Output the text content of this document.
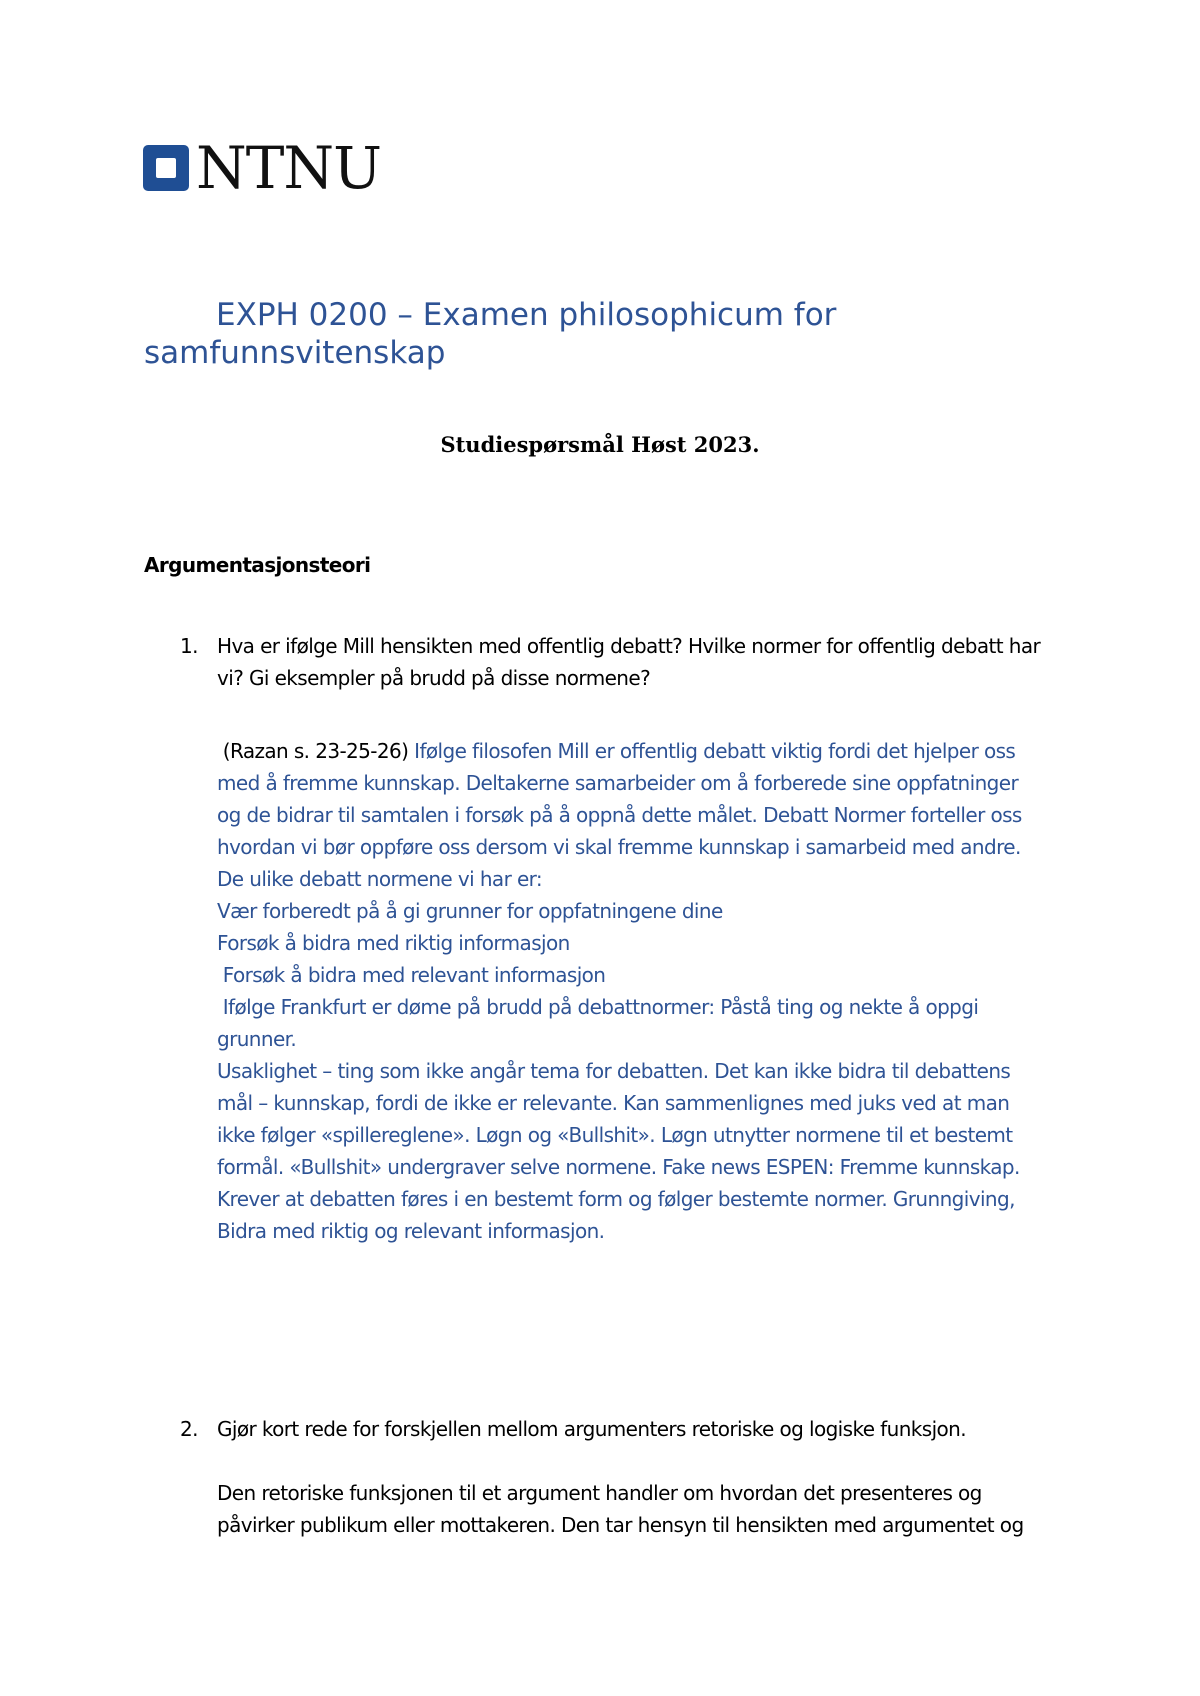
NTNU
EXPH 0200 – Examen philosophicum for samfunnsvitenskap
Studiespørsmål Høst 2023.
Argumentasjonsteori
1. Hva er ifølge Mill hensikten med offentlig debatt? Hvilke normer for offentlig debatt har vi? Gi eksempler på brudd på disse normene?
(Razan s. 23-25-26) Ifølge filosofen Mill er offentlig debatt viktig fordi det hjelper oss
med å fremme kunnskap. Deltakerne samarbeider om å forberede sine oppfatninger
og de bidrar til samtalen i forsøk på å oppnå dette målet. Debatt Normer forteller oss
hvordan vi bør oppføre oss dersom vi skal fremme kunnskap i samarbeid med andre.
De ulike debatt normene vi har er:
Vær forberedt på å gi grunner for oppfatningene dine
Forsøk å bidra med riktig informasjon
Forsøk å bidra med relevant informasjon
Ifølge Frankfurt er døme på brudd på debattnormer: Påstå ting og nekte å oppgi
grunner.
Usaklighet – ting som ikke angår tema for debatten. Det kan ikke bidra til debattens
mål – kunnskap, fordi de ikke er relevante. Kan sammenlignes med juks ved at man
ikke følger «spillereglene». Løgn og «Bullshit». Løgn utnytter normene til et bestemt
formål. «Bullshit» undergraver selve normene. Fake news ESPEN: Fremme kunnskap.
Krever at debatten føres i en bestemt form og følger bestemte normer. Grunngiving,
Bidra med riktig og relevant informasjon.
2. Gjør kort rede for forskjellen mellom argumenters retoriske og logiske funksjon.
Den retoriske funksjonen til et argument handler om hvordan det presenteres og
påvirker publikum eller mottakeren. Den tar hensyn til hensikten med argumentet og
